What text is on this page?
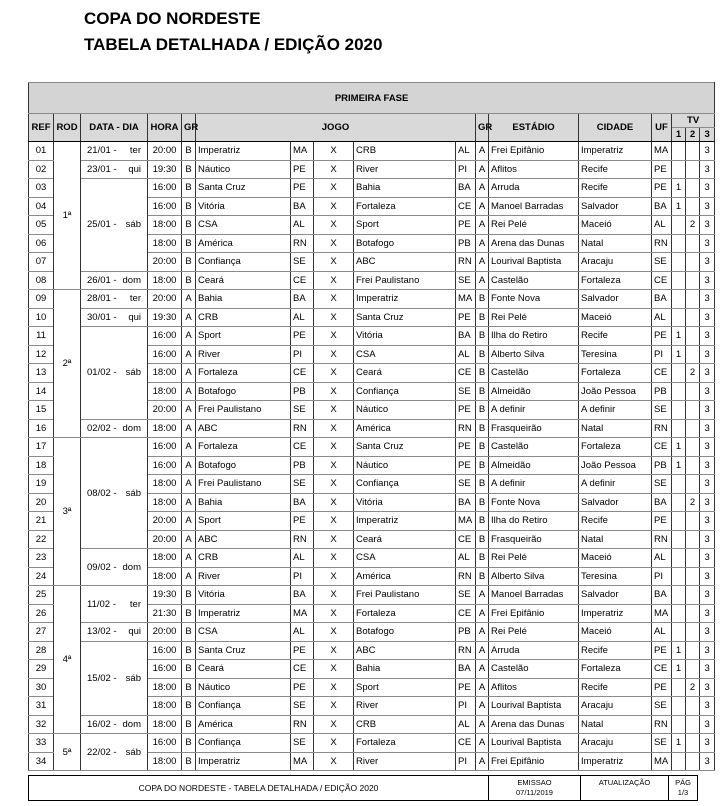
COPA DO NORDESTE
TABELA DETALHADA / EDIÇÃO 2020
PRIMEIRA FASE																
REF	ROD	DATA - DIA	HORA	GR	JOGO					GR	ESTÁDIO	CIDADE	UF	TV		
														1	2	3
01	1ª	21/01 - ter	20:00	B	Imperatriz	MA	X	CRB	AL	A	Frei Epifânio	Imperatriz	MA			3
02		23/01 - qui	19:30	B	Náutico	PE	X	River	PI	A	Aflitos	Recife	PE			3
03		25/01 - sáb	16:00	B	Santa Cruz	PE	X	Bahia	BA	A	Arruda	Recife	PE	1		3
04			16:00	B	Vitória	BA	X	Fortaleza	CE	A	Manoel Barradas	Salvador	BA	1		3
05			18:00	B	CSA	AL	X	Sport	PE	A	Rei Pelé	Maceió	AL		2	3
06			18:00	B	América	RN	X	Botafogo	PB	A	Arena das Dunas	Natal	RN			3
07			20:00	B	Confiança	SE	X	ABC	RN	A	Lourival Baptista	Aracaju	SE			3
08		26/01 - dom	18:00	B	Ceará	CE	X	Frei Paulistano	SE	A	Castelão	Fortaleza	CE			3
09	2ª	28/01 - ter	20:00	A	Bahia	BA	X	Imperatriz	MA	B	Fonte Nova	Salvador	BA			3
10		30/01 - qui	19:30	A	CRB	AL	X	Santa Cruz	PE	B	Rei Pelé	Maceió	AL			3
11		01/02 - sáb	16:00	A	Sport	PE	X	Vitória	BA	B	Ilha do Retiro	Recife	PE	1		3
12			16:00	A	River	PI	X	CSA	AL	B	Alberto Silva	Teresina	PI	1		3
13			18:00	A	Fortaleza	CE	X	Ceará	CE	B	Castelão	Fortaleza	CE		2	3
14			18:00	A	Botafogo	PB	X	Confiança	SE	B	Almeidão	João Pessoa	PB			3
15			20:00	A	Frei Paulistano	SE	X	Náutico	PE	B	A definir	A definir	SE			3
16		02/02 - dom	18:00	A	ABC	RN	X	América	RN	B	Frasqueirão	Natal	RN			3
17	3ª	08/02 - sáb	16:00	A	Fortaleza	CE	X	Santa Cruz	PE	B	Castelão	Fortaleza	CE	1		3
18			16:00	A	Botafogo	PB	X	Náutico	PE	B	Almeidão	João Pessoa	PB	1		3
19			18:00	A	Frei Paulistano	SE	X	Confiança	SE	B	A definir	A definir	SE			3
20			18:00	A	Bahia	BA	X	Vitória	BA	B	Fonte Nova	Salvador	BA		2	3
21			20:00	A	Sport	PE	X	Imperatriz	MA	B	Ilha do Retiro	Recife	PE			3
22			20:00	A	ABC	RN	X	Ceará	CE	B	Frasqueirão	Natal	RN			3
23		09/02 - dom	18:00	A	CRB	AL	X	CSA	AL	B	Rei Pelé	Maceió	AL			3
24			18:00	A	River	PI	X	América	RN	B	Alberto Silva	Teresina	PI			3
25	4ª	11/02 - ter	19:30	B	Vitória	BA	X	Frei Paulistano	SE	A	Manoel Barradas	Salvador	BA			3
26			21:30	B	Imperatriz	MA	X	Fortaleza	CE	A	Frei Epifânio	Imperatriz	MA			3
27		13/02 - qui	20:00	B	CSA	AL	X	Botafogo	PB	A	Rei Pelé	Maceió	AL			3
28		15/02 - sáb	16:00	B	Santa Cruz	PE	X	ABC	RN	A	Arruda	Recife	PE	1		3
29			16:00	B	Ceará	CE	X	Bahia	BA	A	Castelão	Fortaleza	CE	1		3
30			18:00	B	Náutico	PE	X	Sport	PE	A	Aflitos	Recife	PE		2	3
31			18:00	B	Confiança	SE	X	River	PI	A	Lourival Baptista	Aracaju	SE			3
32		16/02 - dom	18:00	B	América	RN	X	CRB	AL	A	Arena das Dunas	Natal	RN			3
33	5ª	22/02 - sáb	16:00	B	Confiança	SE	X	Fortaleza	CE	A	Lourival Baptista	Aracaju	SE	1		3
34			18:00	B	Imperatriz	MA	X	River	PI	A	Frei Epifânio	Imperatriz	MA			3
COPA DO NORDESTE - TABELA DETALHADA / EDIÇÃO 2020	
EMISSAO
07/11/2019

ATUALIZAÇÃO	PÁG
1/3
